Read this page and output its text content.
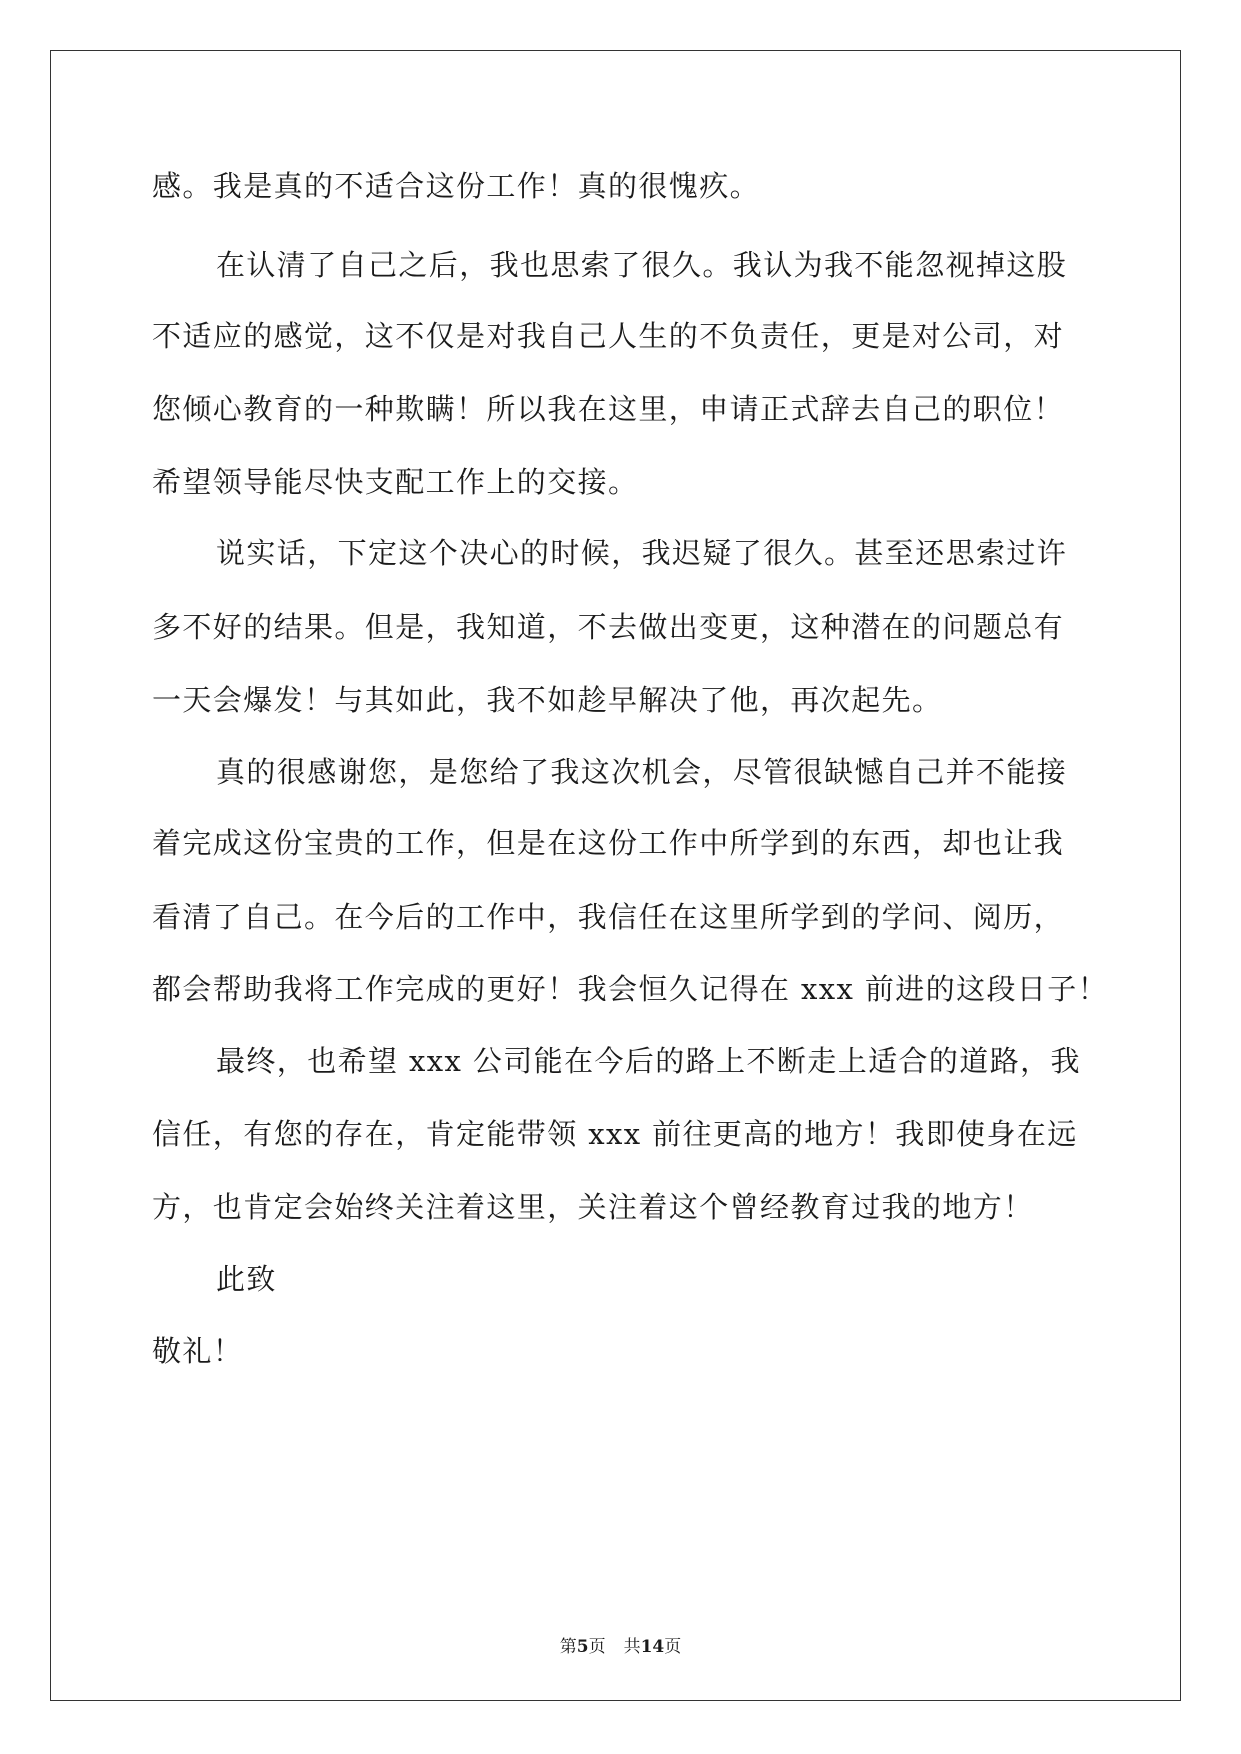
感。我是真的不适合这份工作！真的很愧疚。
在认清了自己之后，我也思索了很久。我认为我不能忽视掉这股
不适应的感觉，这不仅是对我自己人生的不负责任，更是对公司，对
您倾心教育的一种欺瞒！所以我在这里，申请正式辞去自己的职位！
希望领导能尽快支配工作上的交接。
说实话，下定这个决心的时候，我迟疑了很久。甚至还思索过许
多不好的结果。但是，我知道，不去做出变更，这种潜在的问题总有
一天会爆发！与其如此，我不如趁早解决了他，再次起先。
真的很感谢您，是您给了我这次机会，尽管很缺憾自己并不能接
着完成这份宝贵的工作，但是在这份工作中所学到的东西，却也让我
看清了自己。在今后的工作中，我信任在这里所学到的学问、阅历，
都会帮助我将工作完成的更好！我会恒久记得在 xxx 前进的这段日子！
最终，也希望 xxx 公司能在今后的路上不断走上适合的道路，我
信任，有您的存在，肯定能带领 xxx 前往更高的地方！我即使身在远
方，也肯定会始终关注着这里，关注着这个曾经教育过我的地方！
此致
敬礼！
第5页 共14页
